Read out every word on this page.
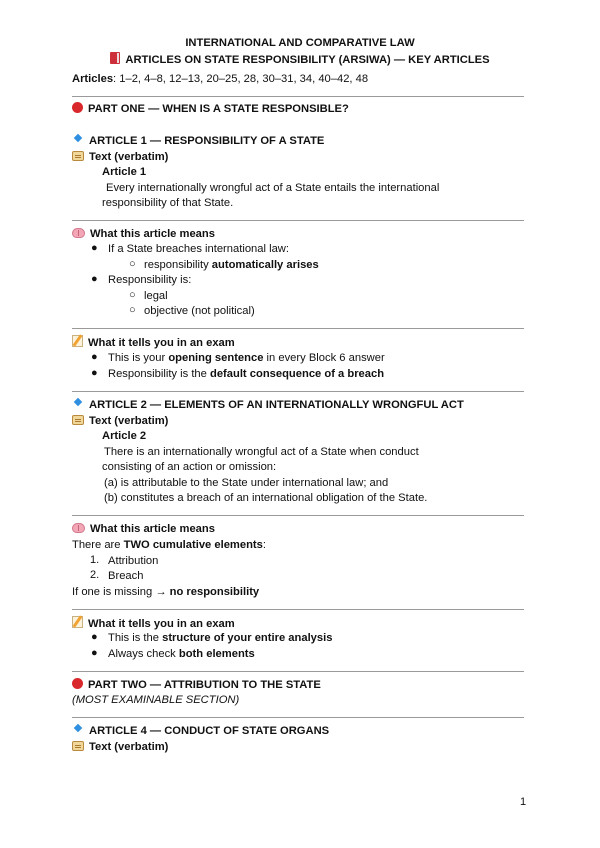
INTERNATIONAL AND COMPARATIVE LAW
ARTICLES ON STATE RESPONSIBILITY (ARSIWA) — KEY ARTICLES
Articles: 1–2, 4–8, 12–13, 20–25, 28, 30–31, 34, 40–42, 48
PART ONE — WHEN IS A STATE RESPONSIBLE?
ARTICLE 1 — RESPONSIBILITY OF A STATE
Text (verbatim)
Article 1
Every internationally wrongful act of a State entails the international
responsibility of that State.
What this article means
● If a State breaches international law:
○ responsibility automatically arises
● Responsibility is:
○ legal
○ objective (not political)
What it tells you in an exam
● This is your opening sentence in every Block 6 answer
● Responsibility is the default consequence of a breach
ARTICLE 2 — ELEMENTS OF AN INTERNATIONALLY WRONGFUL ACT
Text (verbatim)
Article 2
There is an internationally wrongful act of a State when conduct
consisting of an action or omission:
(a) is attributable to the State under international law; and
(b) constitutes a breach of an international obligation of the State.
What this article means
There are TWO cumulative elements:
1. Attribution
2. Breach
If one is missing → no responsibility
What it tells you in an exam
● This is the structure of your entire analysis
● Always check both elements
PART TWO — ATTRIBUTION TO THE STATE
(MOST EXAMINABLE SECTION)
ARTICLE 4 — CONDUCT OF STATE ORGANS
Text (verbatim)
1
